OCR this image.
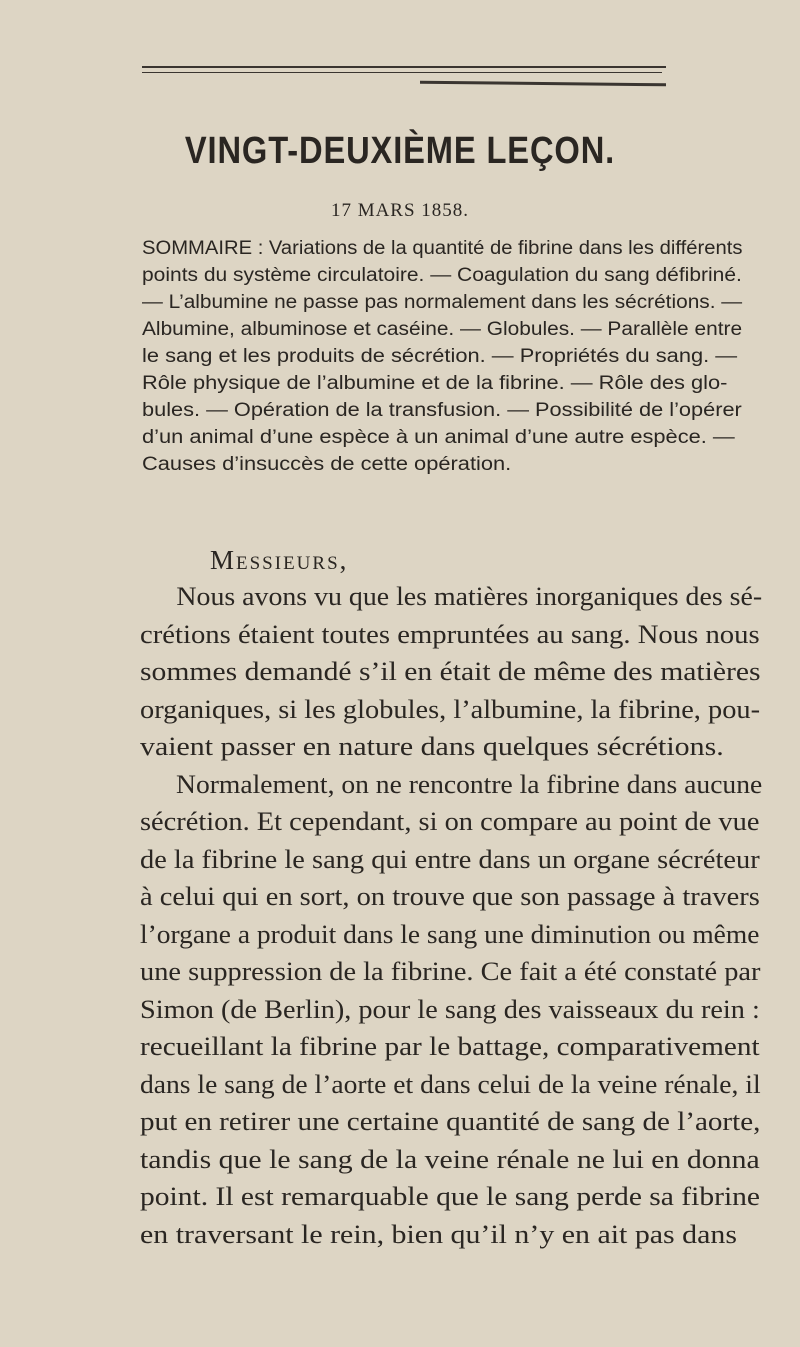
VINGT-DEUXIÈME LEÇON.
17 MARS 1858.
SOMMAIRE : Variations de la quantité de fibrine dans les différents
points du système circulatoire. — Coagulation du sang défibriné.
— L’albumine ne passe pas normalement dans les sécrétions. —
Albumine, albuminose et caséine. — Globules. — Parallèle entre
le sang et les produits de sécrétion. — Propriétés du sang. —
Rôle physique de l’albumine et de la fibrine. — Rôle des glo-
bules. — Opération de la transfusion. — Possibilité de l’opérer
d’un animal d’une espèce à un animal d’une autre espèce. —
Causes d’insuccès de cette opération.
Messieurs,
Nous avons vu que les matières inorganiques des sé-
crétions étaient toutes empruntées au sang. Nous nous
sommes demandé s’il en était de même des matières
organiques, si les globules, l’albumine, la fibrine, pou-
vaient passer en nature dans quelques sécrétions.
Normalement, on ne rencontre la fibrine dans aucune
sécrétion. Et cependant, si on compare au point de vue
de la fibrine le sang qui entre dans un organe sécréteur
à celui qui en sort, on trouve que son passage à travers
l’organe a produit dans le sang une diminution ou même
une suppression de la fibrine. Ce fait a été constaté par
Simon (de Berlin), pour le sang des vaisseaux du rein :
recueillant la fibrine par le battage, comparativement
dans le sang de l’aorte et dans celui de la veine rénale, il
put en retirer une certaine quantité de sang de l’aorte,
tandis que le sang de la veine rénale ne lui en donna
point. Il est remarquable que le sang perde sa fibrine
en traversant le rein, bien qu’il n’y en ait pas dans
